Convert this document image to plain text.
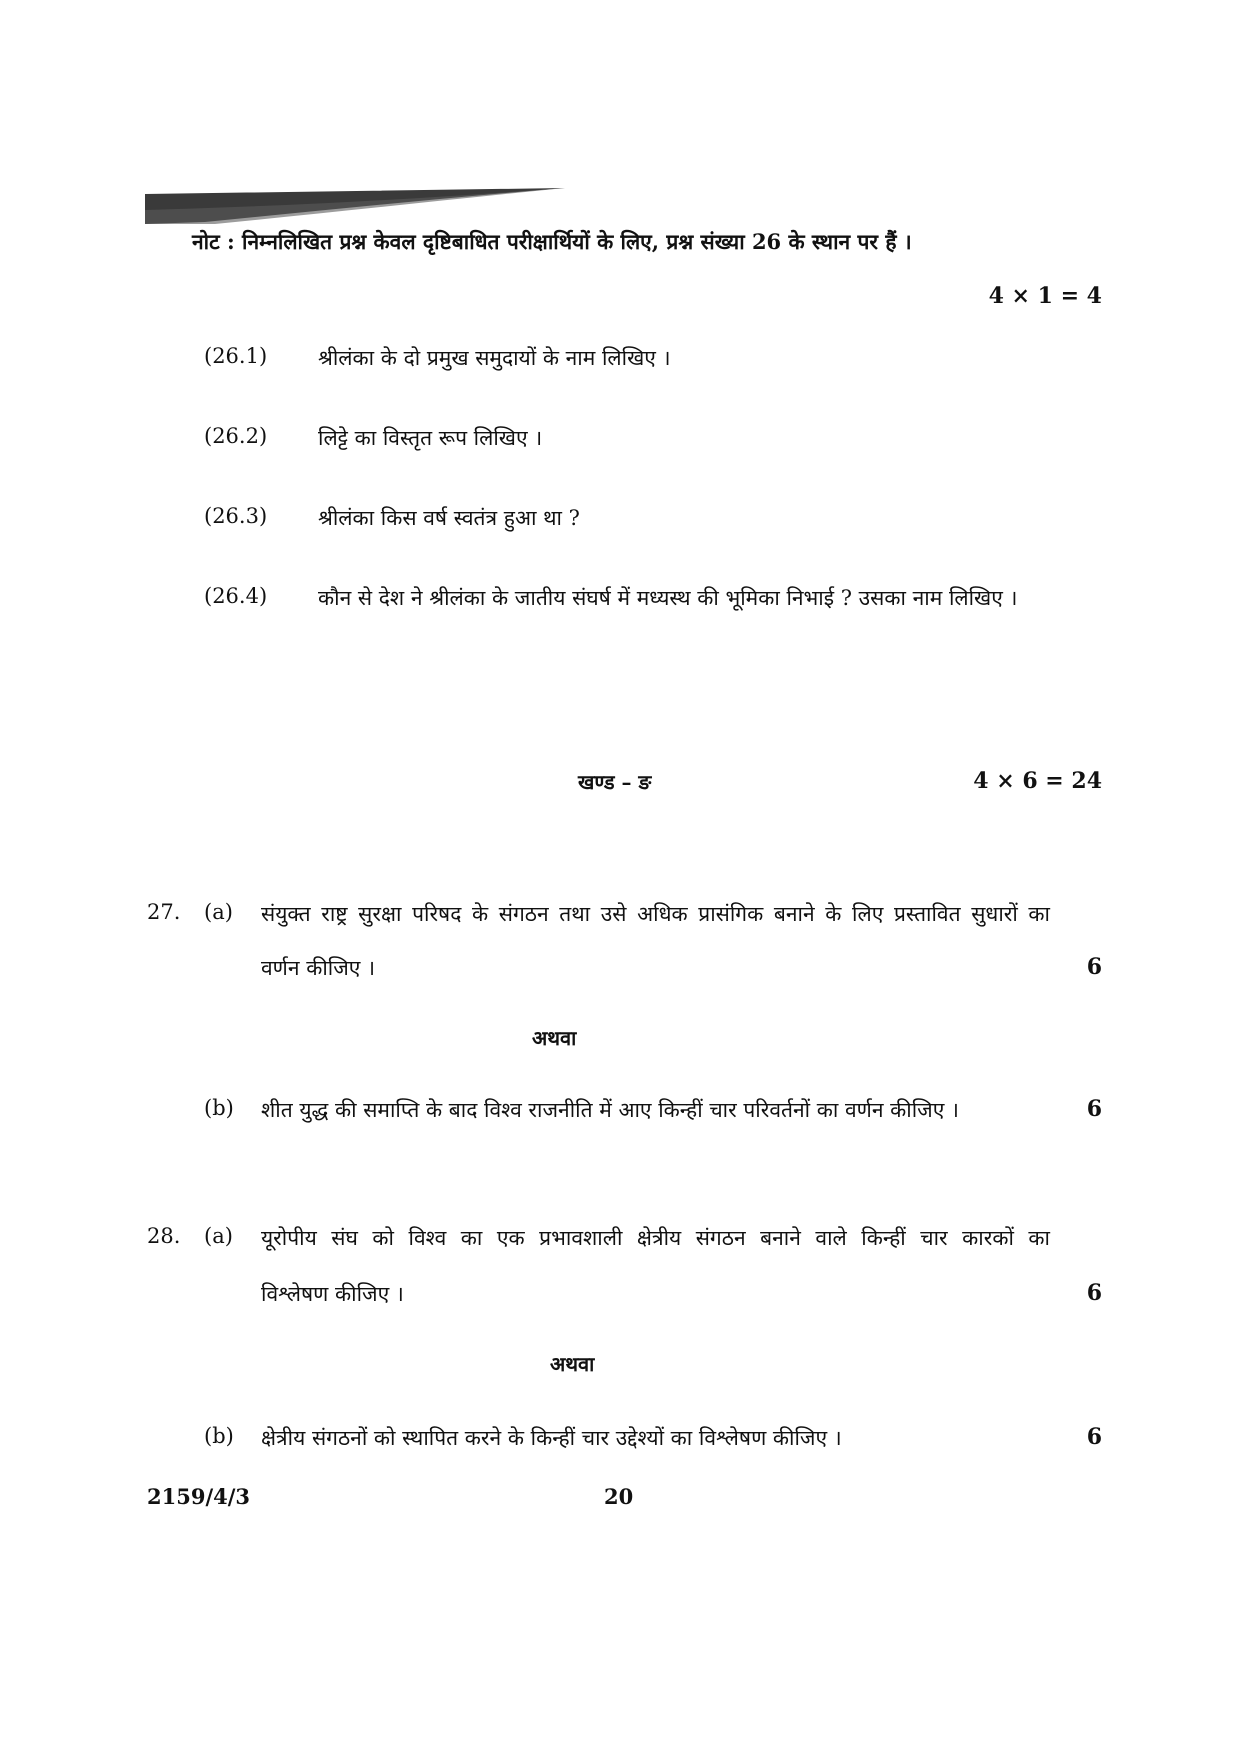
नोट : निम्नलिखित प्रश्न केवल दृष्टिबाधित परीक्षार्थियों के लिए, प्रश्न संख्या 26 के स्थान पर हैं ।
4 × 1 = 4
(26.1) श्रीलंका के दो प्रमुख समुदायों के नाम लिखिए ।
(26.2) लिट्टे का विस्तृत रूप लिखिए ।
(26.3) श्रीलंका किस वर्ष स्वतंत्र हुआ था ?
(26.4) कौन से देश ने श्रीलंका के जातीय संघर्ष में मध्यस्थ की भूमिका निभाई ? उसका नाम लिखिए ।
खण्ड – ङ	4 × 6 = 24
27. (a) संयुक्त राष्ट्र सुरक्षा परिषद के संगठन तथा उसे अधिक प्रासंगिक बनाने के लिए प्रस्तावित सुधारों का
वर्णन कीजिए ।	6
अथवा
(b) शीत युद्ध की समाप्ति के बाद विश्व राजनीति में आए किन्हीं चार परिवर्तनों का वर्णन कीजिए ।	6
28. (a) यूरोपीय संघ को विश्व का एक प्रभावशाली क्षेत्रीय संगठन बनाने वाले किन्हीं चार कारकों का
विश्लेषण कीजिए ।	6
अथवा
(b) क्षेत्रीय संगठनों को स्थापित करने के किन्हीं चार उद्देश्यों का विश्लेषण कीजिए ।	6
2159/4/3	20
